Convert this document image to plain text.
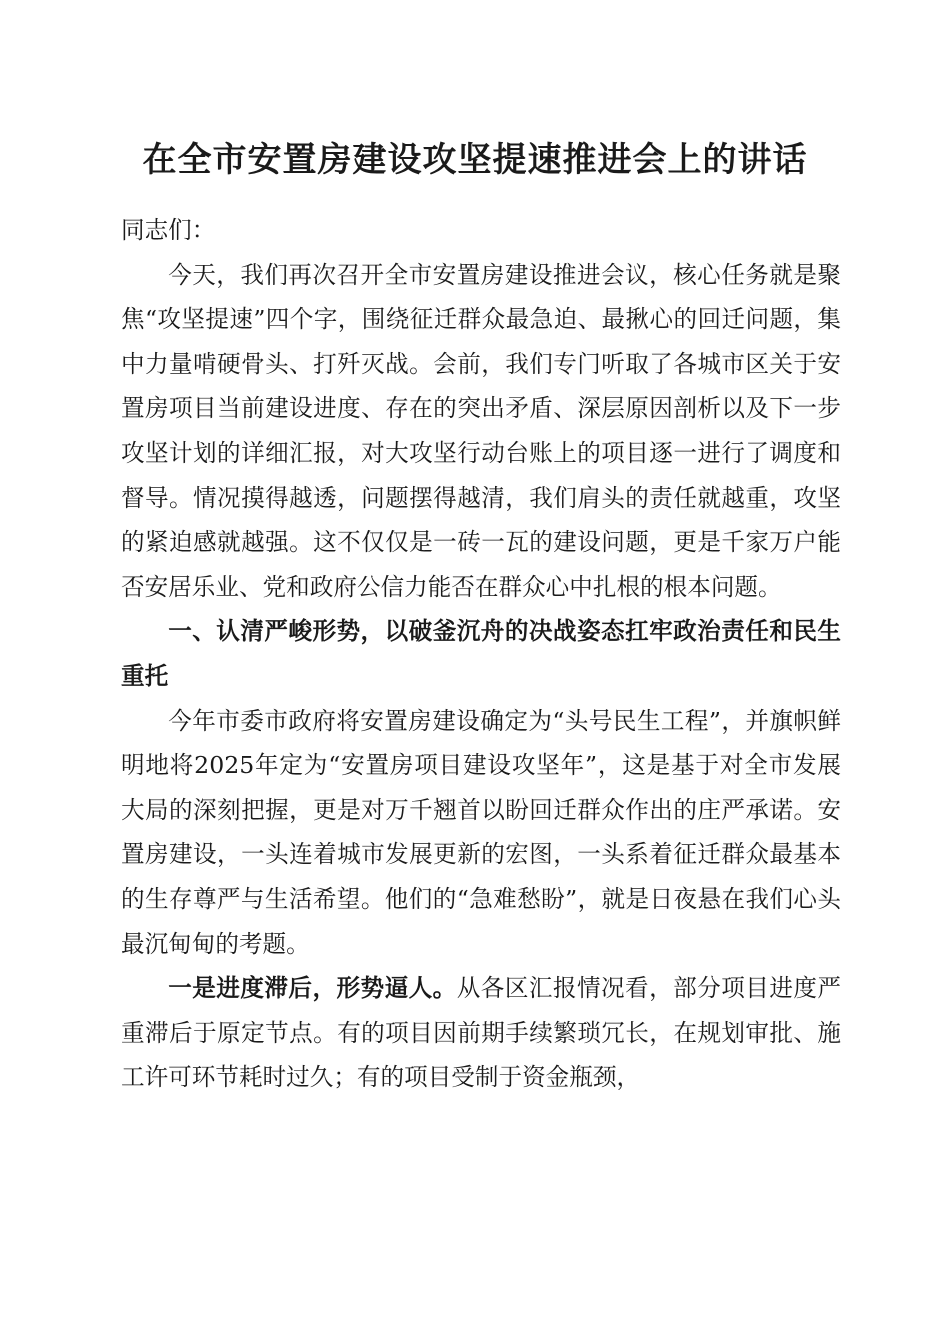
在全市安置房建设攻坚提速推进会上的讲话

同志们：

今天，我们再次召开全市安置房建设推进会议，核心任务就是聚焦“攻坚提速”四个字，围绕征迁群众最急迫、最揪心的回迁问题，集中力量啃硬骨头、打歼灭战。会前，我们专门听取了各城市区关于安置房项目当前建设进度、存在的突出矛盾、深层原因剖析以及下一步攻坚计划的详细汇报，对大攻坚行动台账上的项目逐一进行了调度和督导。情况摸得越透，问题摆得越清，我们肩头的责任就越重，攻坚的紧迫感就越强。这不仅仅是一砖一瓦的建设问题，更是千家万户能否安居乐业、党和政府公信力能否在群众心中扎根的根本问题。

一、认清严峻形势，以破釜沉舟的决战姿态扛牢政治责任和民生重托

今年市委市政府将安置房建设确定为“头号民生工程”，并旗帜鲜明地将2025年定为“安置房项目建设攻坚年”，这是基于对全市发展大局的深刻把握，更是对万千翘首以盼回迁群众作出的庄严承诺。安置房建设，一头连着城市发展更新的宏图，一头系着征迁群众最基本的生存尊严与生活希望。他们的“急难愁盼”，就是日夜悬在我们心头最沉甸甸的考题。

一是进度滞后，形势逼人。从各区汇报情况看，部分项目进度严重滞后于原定节点。有的项目因前期手续繁琐冗长，在规划审批、施工许可环节耗时过久；有的项目受制于资金瓶颈，
